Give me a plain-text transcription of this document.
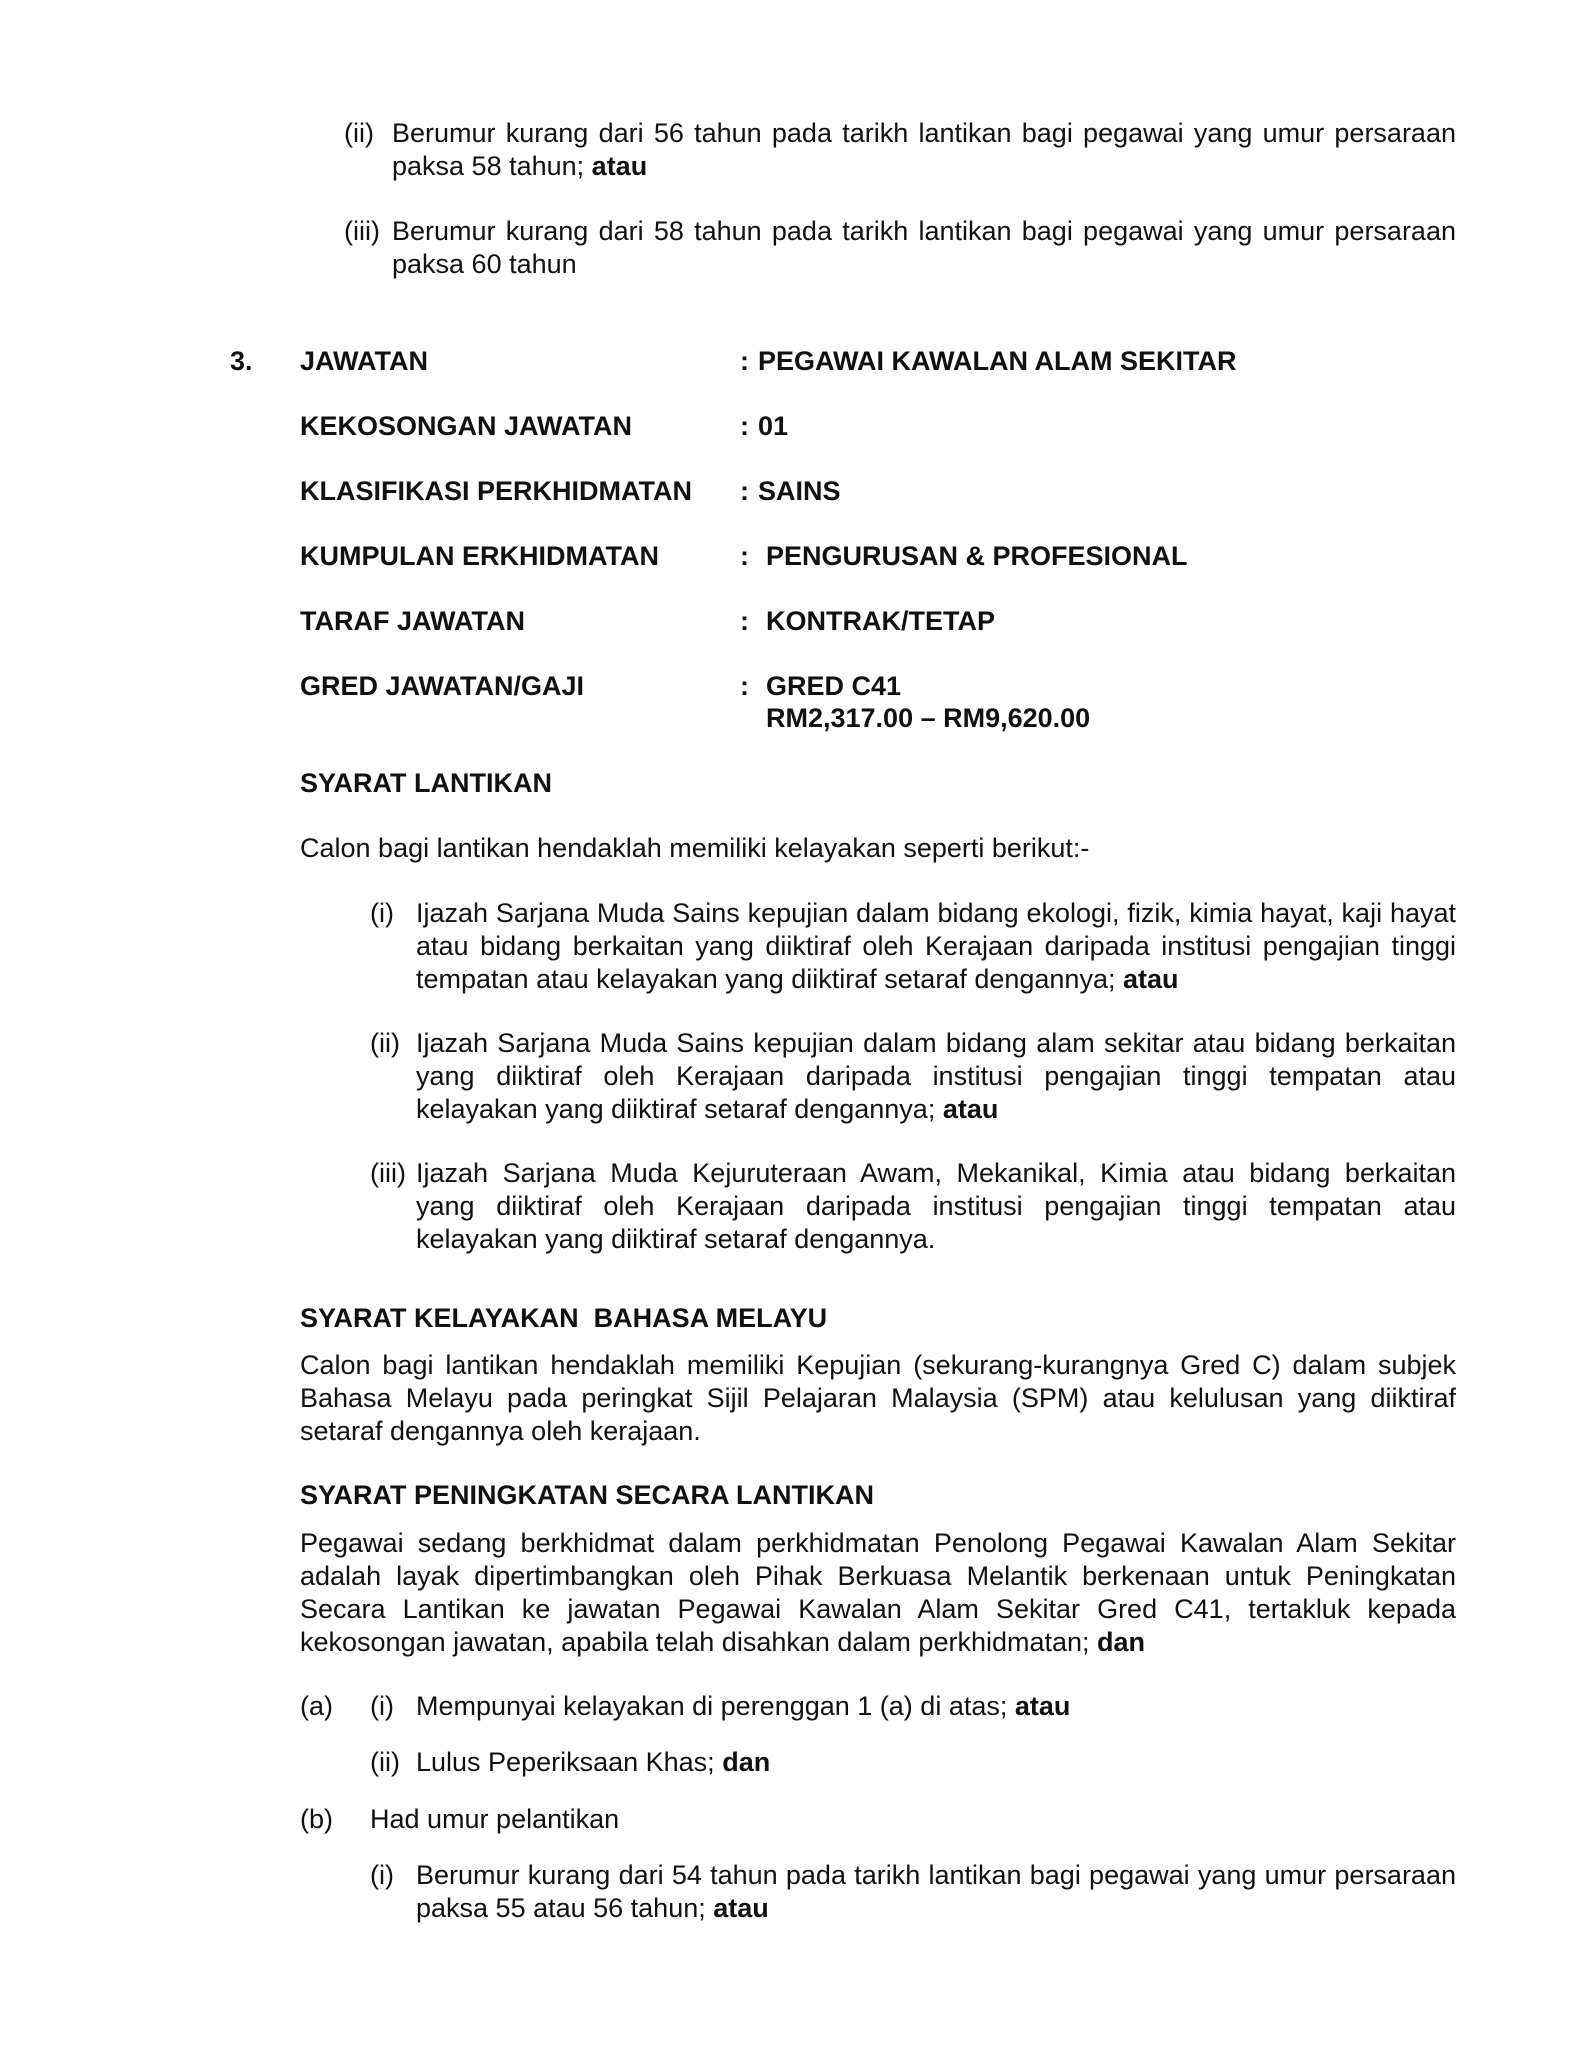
(ii) Berumur kurang dari 56 tahun pada tarikh lantikan bagi pegawai yang umur persaraan paksa 58 tahun; atau
(iii) Berumur kurang dari 58 tahun pada tarikh lantikan bagi pegawai yang umur persaraan paksa 60 tahun
3. JAWATAN	: PEGAWAI KAWALAN ALAM SEKITAR
KEKOSONGAN JAWATAN	: 01
KLASIFIKASI PERKHIDMATAN : SAINS
KUMPULAN ERKHIDMATAN	: PENGURUSAN & PROFESIONAL
TARAF JAWATAN	: KONTRAK/TETAP
GRED JAWATAN/GAJI	: GRED C41
RM2,317.00 – RM9,620.00
SYARAT LANTIKAN
Calon bagi lantikan hendaklah memiliki kelayakan seperti berikut:-
(i) Ijazah Sarjana Muda Sains kepujian dalam bidang ekologi, fizik, kimia hayat, kaji hayat atau bidang berkaitan yang diiktiraf oleh Kerajaan daripada institusi pengajian tinggi tempatan atau kelayakan yang diiktiraf setaraf dengannya; atau
(ii) Ijazah Sarjana Muda Sains kepujian dalam bidang alam sekitar atau bidang berkaitan yang diiktiraf oleh Kerajaan daripada institusi pengajian tinggi tempatan atau kelayakan yang diiktiraf setaraf dengannya; atau
(iii) Ijazah Sarjana Muda Kejuruteraan Awam, Mekanikal, Kimia atau bidang berkaitan yang diiktiraf oleh Kerajaan daripada institusi pengajian tinggi tempatan atau kelayakan yang diiktiraf setaraf dengannya.
SYARAT KELAYAKAN  BAHASA MELAYU
Calon bagi lantikan hendaklah memiliki Kepujian (sekurang-kurangnya Gred C) dalam subjek Bahasa Melayu pada peringkat Sijil Pelajaran Malaysia (SPM) atau kelulusan yang diiktiraf setaraf dengannya oleh kerajaan.
SYARAT PENINGKATAN SECARA LANTIKAN
Pegawai sedang berkhidmat dalam perkhidmatan Penolong Pegawai Kawalan Alam Sekitar adalah layak dipertimbangkan oleh Pihak Berkuasa Melantik berkenaan untuk Peningkatan Secara Lantikan ke jawatan Pegawai Kawalan Alam Sekitar Gred C41, tertakluk kepada kekosongan jawatan, apabila telah disahkan dalam perkhidmatan; dan
(a) (i) Mempunyai kelayakan di perenggan 1 (a) di atas; atau
(ii) Lulus Peperiksaan Khas; dan
(b) Had umur pelantikan
(i) Berumur kurang dari 54 tahun pada tarikh lantikan bagi pegawai yang umur persaraan paksa 55 atau 56 tahun; atau
